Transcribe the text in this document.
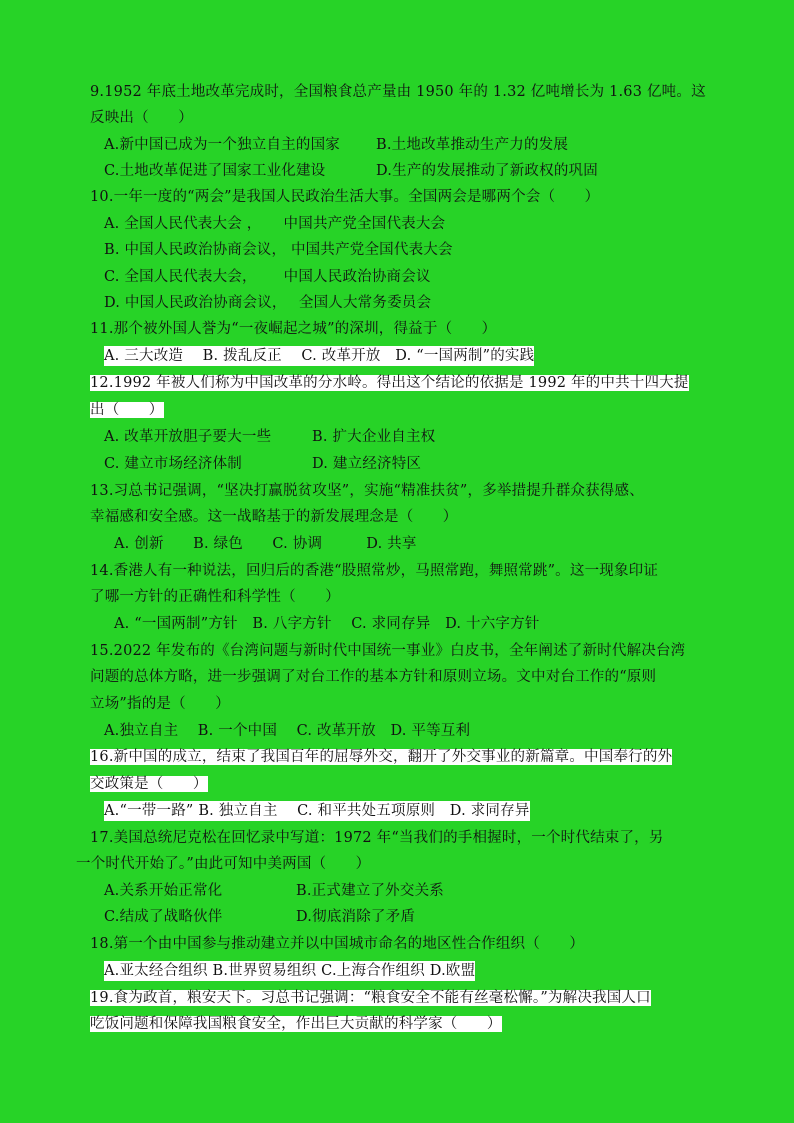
9.1952 年底土地改革完成时，全国粮食总产量由 1950 年的 1.32 亿吨增长为 1.63 亿吨。这
反映出（　　）
A.新中国已成为一个独立自主的国家 B.土地改革推动生产力的发展
C.土地改革促进了国家工业化建设	D.生产的发展推动了新政权的巩固
10.一年一度的“两会”是我国人民政治生活大事。全国两会是哪两个会（　　）
A. 全国人民代表大会 ，　　中国共产党全国代表大会
B. 中国人民政治协商会议， 中国共产党全国代表大会
C. 全国人民代表大会，　　 中国人民政治协商会议
D. 中国人民政治协商会议，　 全国人大常务委员会
11.那个被外国人誉为“一夜崛起之城”的深圳，得益于（　　）
A. 三大改造　 B. 拨乱反正　 C. 改革开放　D. “一国两制”的实践
12.1992 年被人们称为中国改革的分水岭。得出这个结论的依据是 1992 年的中共十四大提
出（　　）
A. 改革开放胆子要大一些	B. 扩大企业自主权
C. 建立市场经济体制	D. 建立经济特区
13.习总书记强调，“坚决打赢脱贫攻坚”，实施“精准扶贫”，多举措提升群众获得感、
幸福感和安全感。这一战略基于的新发展理念是（　　）
A. 创新　　B. 绿色　　C. 协调　　　D. 共享
14.香港人有一种说法，回归后的香港“股照常炒，马照常跑，舞照常跳”。这一现象印证
了哪一方针的正确性和科学性（　　）
A. “一国两制”方针　B. 八字方针　 C. 求同存异　D. 十六字方针
15.2022 年发布的《台湾问题与新时代中国统一事业》白皮书，全年阐述了新时代解决台湾
问题的总体方略，进一步强调了对台工作的基本方针和原则立场。文中对台工作的“原则
立场”指的是（　　）
A.独立自主　 B. 一个中国　 C. 改革开放　D. 平等互利
16.新中国的成立，结束了我国百年的屈辱外交，翻开了外交事业的新篇章。中国奉行的外
交政策是（　　）
A.“一带一路” B. 独立自主　 C. 和平共处五项原则　D. 求同存异
17.美国总统尼克松在回忆录中写道：1972 年“当我们的手相握时，一个时代结束了，另
一个时代开始了。”由此可知中美两国（　　）
A.关系开始正常化	B.正式建立了外交关系
C.结成了战略伙伴	D.彻底消除了矛盾
18.第一个由中国参与推动建立并以中国城市命名的地区性合作组织（　　）
A.亚太经合组织 B.世界贸易组织 C.上海合作组织 D.欧盟
19.食为政首，粮安天下。习总书记强调：“粮食安全不能有丝毫松懈。”为解决我国人口
吃饭问题和保障我国粮食安全，作出巨大贡献的科学家（　　）
